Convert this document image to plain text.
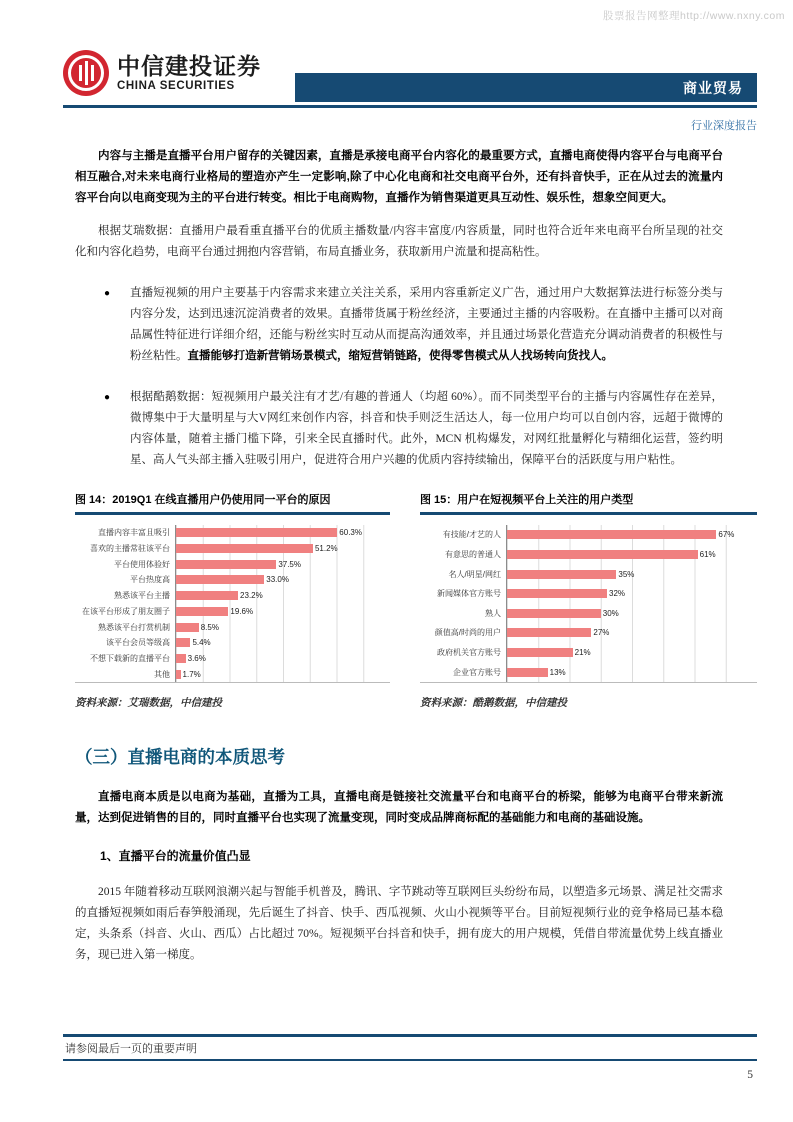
股票报告网整理http://www.nxny.com
中信建投证券
CHINA SECURITIES	商业贸易
行业深度报告

内容与主播是直播平台用户留存的关键因素，直播是承接电商平台内容化的最重要方式，直播电商使得内容平台与电商平台相互融合,对未来电商行业格局的塑造亦产生一定影响,除了中心化电商和社交电商平台外，还有抖音快手，正在从过去的流量内容平台向以电商变现为主的平台进行转变。相比于电商购物，直播作为销售渠道更具互动性、娱乐性，想象空间更大。

根据艾瑞数据：直播用户最看重直播平台的优质主播数量/内容丰富度/内容质量，同时也符合近年来电商平台所呈现的社交化和内容化趋势，电商平台通过拥抱内容营销，布局直播业务，获取新用户流量和提高粘性。

● 直播短视频的用户主要基于内容需求来建立关注关系，采用内容重新定义广告，通过用户大数据算法进行标签分类与内容分发，达到迅速沉淀消费者的效果。直播带货属于粉丝经济，主要通过主播的内容吸粉。在直播中主播可以对商品属性特征进行详细介绍，还能与粉丝实时互动从而提高沟通效率，并且通过场景化营造充分调动消费者的积极性与粉丝粘性。直播能够打造新营销场景模式，缩短营销链路，使得零售模式从人找场转向货找人。
● 根据酷鹅数据：短视频用户最关注有才艺/有趣的普通人（均超 60%）。而不同类型平台的主播与内容属性存在差异，微博集中于大量明星与大V网红来创作内容，抖音和快手则泛生活达人，每一位用户均可以自创内容，远超于微博的内容体量，随着主播门槛下降，引来全民直播时代。此外，MCN 机构爆发，对网红批量孵化与精细化运营，签约明星、高人气头部主播入驻吸引用户，促进符合用户兴趣的优质内容持续输出，保障平台的活跃度与用户粘性。
图 14：2019Q1 在线直播用户仍使用同一平台的原因
直播内容丰富且吸引	60.3%
喜欢的主播常驻该平台	51.2%
平台使用体验好	37.5%
平台热度高	33.0%
熟悉该平台主播	23.2%
在该平台形成了朋友圈子	19.6%
熟悉该平台打赏机制	8.5%
该平台会员等级高	5.4%
不想下载新的直播平台	3.6%
其他	1.7%
资料来源：艾瑞数据，中信建投
图 15：用户在短视频平台上关注的用户类型
有技能/才艺的人	67%
有意思的普通人	61%
名人/明星/网红	35%
新闻媒体官方账号	32%
熟人	30%
颜值高/时尚的用户	27%
政府机关官方账号	21%
企业官方账号	13%
资料来源：酷鹅数据，中信建投
（三）直播电商的本质思考

直播电商本质是以电商为基础，直播为工具，直播电商是链接社交流量平台和电商平台的桥梁，能够为电商平台带来新流量，达到促进销售的目的，同时直播平台也实现了流量变现，同时变成品牌商标配的基础能力和电商的基础设施。

1、直播平台的流量价值凸显

2015 年随着移动互联网浪潮兴起与智能手机普及，腾讯、字节跳动等互联网巨头纷纷布局，以塑造多元场景、满足社交需求的直播短视频如雨后春笋般涌现，先后诞生了抖音、快手、西瓜视频、火山小视频等平台。目前短视频行业的竞争格局已基本稳定，头条系（抖音、火山、西瓜）占比超过 70%。短视频平台抖音和快手，拥有庞大的用户规模，凭借自带流量优势上线直播业务，现已进入第一梯度。

请参阅最后一页的重要声明
5
